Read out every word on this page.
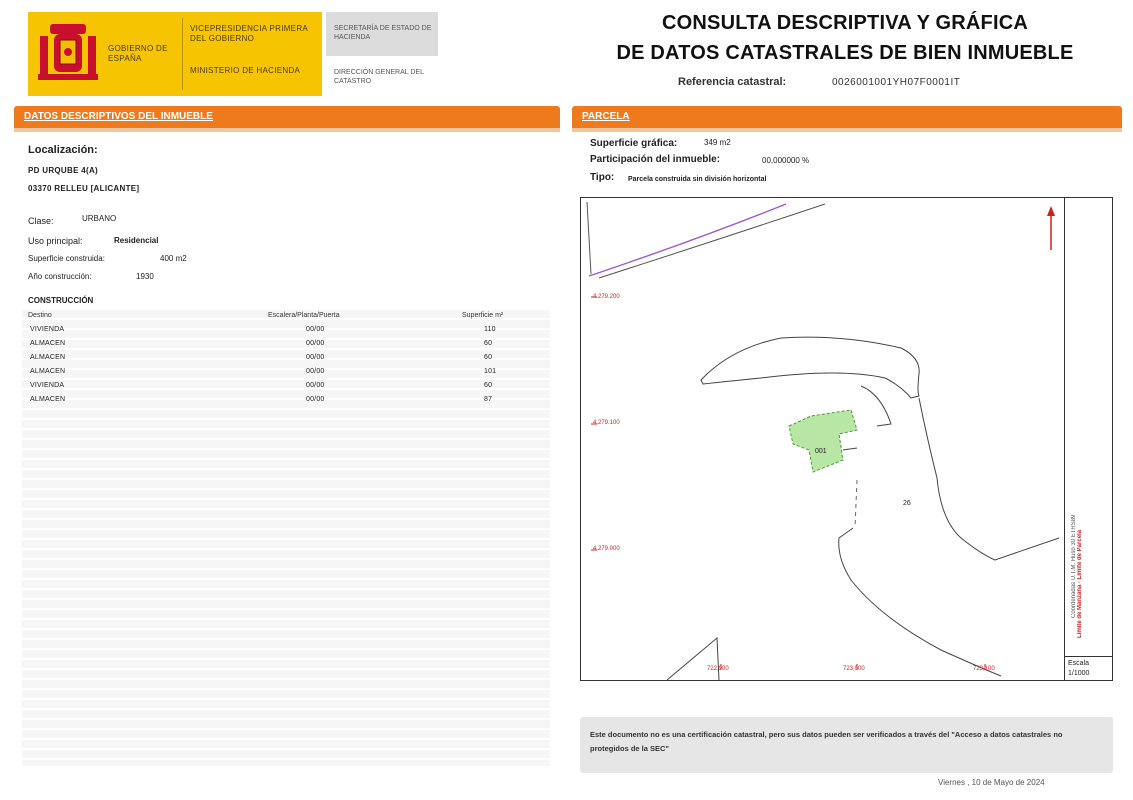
GOBIERNO DE ESPAÑA
VICEPRESIDENCIA PRIMERA DEL GOBIERNO
MINISTERIO DE HACIENDA
SECRETARÍA DE ESTADO DE HACIENDA
DIRECCIÓN GENERAL DEL CATASTRO
CONSULTA DESCRIPTIVA Y GRÁFICA
DE DATOS CATASTRALES DE BIEN INMUEBLE
Referencia catastral:	0026001001YH07F0001IT
DATOS DESCRIPTIVOS DEL INMUEBLE
Localización:
PD URQUBE 4(A)
03370 RELLEU [ALICANTE]
Clase:	URBANO
Uso principal:	Residencial
Superficie construida:	400 m2
Año construcción:	1930
CONSTRUCCIÓN
Destino	Escalera/Planta/Puerta	Superficie m²
VIVIENDA	00/00	110
ALMACEN	00/00	60
ALMACEN	00/00	60
ALMACEN	00/00	101
VIVIENDA	00/00	60
ALMACEN	00/00	87
PARCELA
Superficie gráfica:	349 m2
Participación del inmueble:	00,000000 %
Tipo: Parcela construida sin división horizontal
4.279.200
4.279.100
4.279.000
722,900	723,000	723,100
001
26
Coordenadas U.T.M. Huso 30 ETRS89 Límite de Manzana · Límite de Parcela
Escala
1/1000
Este documento no es una certificación catastral, pero sus datos pueden ser verificados a través del "Acceso a datos catastrales no protegidos de la SEC"
Viernes , 10 de Mayo de 2024
